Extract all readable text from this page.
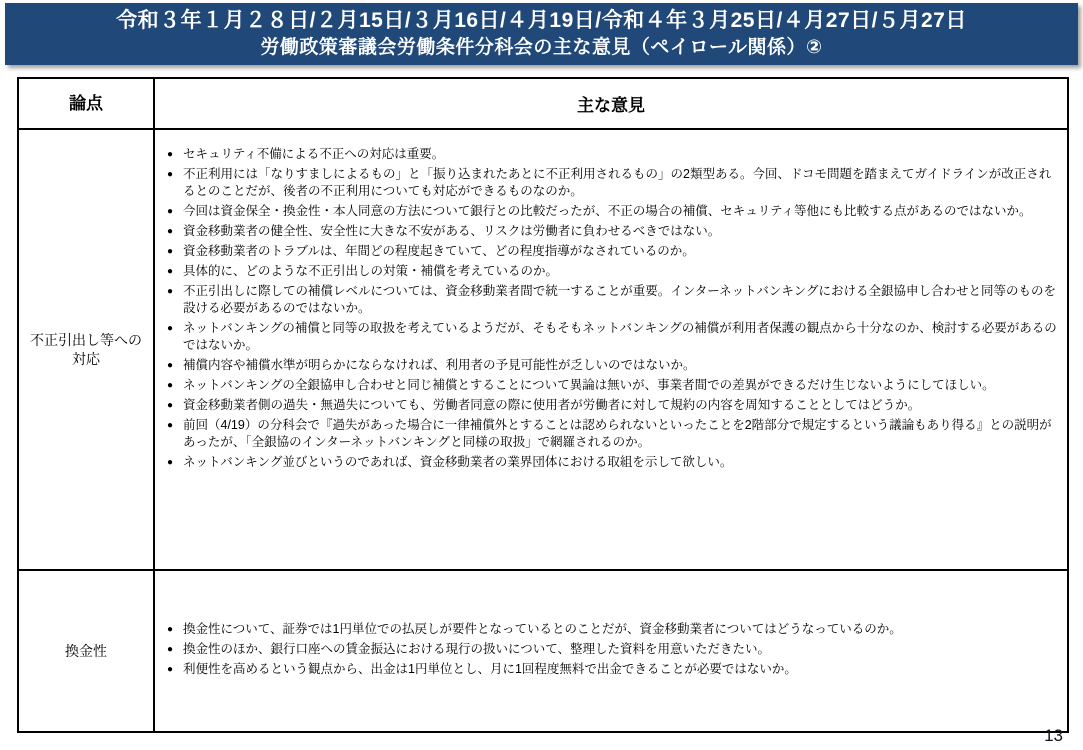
令和３年１月２８日/２月15日/３月16日/４月19日/令和４年３月25日/４月27日/５月27日
労働政策審議会労働条件分科会の主な意見（ペイロール関係）②
論点	主な意見
不正引出し等への対応
●
セキュリティ不備による不正への対応は重要。
●
不正利用には「なりすましによるもの」と「振り込まれたあとに不正利用されるもの」の2類型ある。今回、ドコモ問題を踏まえてガイドラインが改正されるとのことだが、後者の不正利用についても対応ができるものなのか。
●
今回は資金保全・換金性・本人同意の方法について銀行との比較だったが、不正の場合の補償、セキュリティ等他にも比較する点があるのではないか。
●
資金移動業者の健全性、安全性に大きな不安がある、リスクは労働者に負わせるべきではない。
●
資金移動業者のトラブルは、年間どの程度起きていて、どの程度指導がなされているのか。
●
具体的に、どのような不正引出しの対策・補償を考えているのか。
●
不正引出しに際しての補償レベルについては、資金移動業者間で統一することが重要。インターネットバンキングにおける全銀協申し合わせと同等のものを設ける必要があるのではないか。
●
ネットバンキングの補償と同等の取扱を考えているようだが、そもそもネットバンキングの補償が利用者保護の観点から十分なのか、検討する必要があるのではないか。
●
補償内容や補償水準が明らかにならなければ、利用者の予見可能性が乏しいのではないか。
●
ネットバンキングの全銀協申し合わせと同じ補償とすることについて異論は無いが、事業者間での差異ができるだけ生じないようにしてほしい。
●
資金移動業者側の過失・無過失についても、労働者同意の際に使用者が労働者に対して規約の内容を周知することとしてはどうか。
●
前回（4/19）の分科会で『過失があった場合に一律補償外とすることは認められないといったことを2階部分で規定するという議論もあり得る』との説明があったが、「全銀協のインターネットバンキングと同様の取扱」で網羅されるのか。
●
ネットバンキング並びというのであれば、資金移動業者の業界団体における取組を示して欲しい。
換金性
●
換金性について、証券では1円単位での払戻しが要件となっているとのことだが、資金移動業者についてはどうなっているのか。
●
換金性のほか、銀行口座への賃金振込における現行の扱いについて、整理した資料を用意いただきたい。
●
利便性を高めるという観点から、出金は1円単位とし、月に1回程度無料で出金できることが必要ではないか。
13
